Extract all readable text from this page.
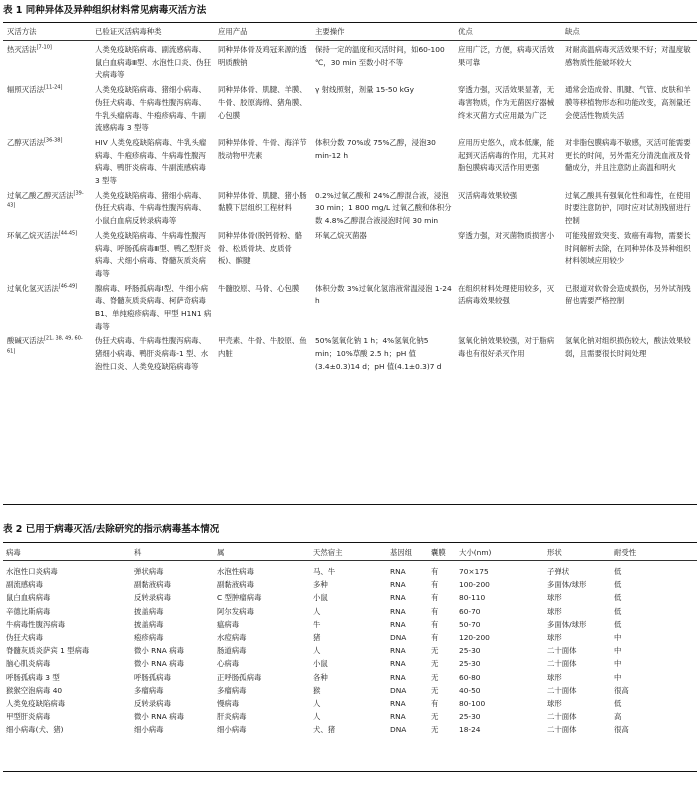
表 1 同种异体及异种组织材料常见病毒灭活方法
灭活方法	已验证灭活病毒种类	应用产品	主要操作	优点	缺点
热灭活法[7-10]	人类免疫缺陷病毒、副流感病毒、鼠白血病毒Ⅲ型、水泡性口炎、伪狂犬病毒等	同种异体骨及鸡冠来源的透明质酸钠	保持一定的温度和灭活时间，如60-100 ℃，30 min 至数小时不等	应用广泛，方便，病毒灭活效果可靠	对耐高温病毒灭活效果不好；对温度敏感物质性能破坏较大
辐照灭活法[11-24]	人类免疫缺陷病毒、猪细小病毒、伪狂犬病毒、牛病毒性腹泻病毒、牛乳头瘤病毒、牛疱疹病毒、牛副流感病毒 3 型等	同种异体骨、肌腱、羊膜、牛骨、胶原海绵、猪角膜、心包膜	γ 射线照射，剂量 15-50 kGy	穿透力强，灭活效果显著，无毒害物质，作为无菌医疗器械终末灭菌方式应用最为广泛	通常会造成骨、肌腱、气管、皮肤和羊膜等移植物形态和功能改变，高剂量还会使活性物质失活
乙醇灭活法[36-38]	HIV 人类免疫缺陷病毒、牛乳头瘤病毒、牛疱疹病毒、牛病毒性腹泻病毒、鸭肝炎病毒、牛副流感病毒 3 型等	同种异体骨、牛骨、海洋节肢动物甲壳素	体积分数 70%或 75%乙醇，浸泡30 min-12 h	应用历史悠久，成本低廉，能起到灭活病毒的作用，尤其对脂包膜病毒灭活作用更强	对非脂包膜病毒不敏感，灭活可能需要更长的时间，另外需充分清洗血液及骨髓成分，并且注意防止高温和明火
过氧乙酸乙醇灭活法[39-43]	人类免疫缺陷病毒、猪细小病毒、伪狂犬病毒、牛病毒性腹泻病毒、小鼠白血病反转录病毒等	同种异体骨、肌腱、猪小肠黏膜下层组织工程材料	0.2%过氧乙酸和 24%乙醇混合液，浸泡 30 min；1 800 mg/L 过氧乙酸和体积分数 4.8%乙醇混合液浸泡时间 30 min	灭活病毒效果较强	过氧乙酸具有强氧化性和毒性，在使用时要注意防护，同时应对试剂残留进行控制
环氧乙烷灭活法[44-45]	人类免疫缺陷病毒、牛病毒性腹泻病毒、呼肠孤病毒Ⅲ型、鸭乙型肝炎病毒、犬细小病毒、脊髓灰质炎病毒等	同种异体骨(脱钙骨粉、骼骨、松质骨块、皮质骨板)、髌腱	环氧乙烷灭菌器	穿透力强，对灭菌物质损害小	可能残留致突变、致癌有毒物，需要长时间解析去除，在同种异体及异种组织材料领域应用较少
过氧化氢灭活法[46-49]	腺病毒、呼肠孤病毒Ⅰ型、牛细小病毒、脊髓灰质炎病毒、柯萨奇病毒 B1、单纯疱疹病毒、甲型 H1N1 病毒等	牛髓胶原、马骨、心包膜	体积分数 3%过氧化氢溶液常温浸泡 1-24 h	在组织材料处理使用较多，灭活病毒效果较强	已报道对软骨会造成损伤，另外试剂残留也需要严格控制
酸碱灭活法[21, 38, 49, 60-61]	伪狂犬病毒、牛病毒性腹泻病毒、猪细小病毒、鸭肝炎病毒-1 型、水泡性口炎、人类免疫缺陷病毒等	甲壳素、牛骨、牛胶原、鱼内脏	50%氢氧化钠 1 h；4%氢氧化钠5 min；10%草酸 2.5 h；pH 值(3.4±0.3)14 d；pH 值(4.1±0.3)7 d	氢氧化钠效果较强，对于脂病毒也有很好杀灭作用	氢氧化钠对组织损伤较大，酸法效果较弱，且需要很长时间处理
表 2 已用于病毒灭活/去除研究的指示病毒基本情况
病毒	科	属	天然宿主	基因组	囊膜	大小(nm)	形状	耐受性
水泡性口炎病毒	弹状病毒	水泡性病毒	马、牛	RNA	有	70×175	子弹状	低
副流感病毒	副黏液病毒	副黏液病毒	多种	RNA	有	100-200	多面体/球形	低
鼠白血病病毒	反转录病毒	C 型肿瘤病毒	小鼠	RNA	有	80-110	球形	低
辛德比斯病毒	披盖病毒	阿尔发病毒	人	RNA	有	60-70	球形	低
牛病毒性腹泻病毒	披盖病毒	瘟病毒	牛	RNA	有	50-70	多面体/球形	低
伪狂犬病毒	疱疹病毒	水痘病毒	猪	DNA	有	120-200	球形	中
脊髓灰质炎萨宾 1 型病毒	微小 RNA 病毒	肠道病毒	人	RNA	无	25-30	二十面体	中
脑心肌炎病毒	微小 RNA 病毒	心病毒	小鼠	RNA	无	25-30	二十面体	中
呼肠孤病毒 3 型	呼肠孤病毒	正呼肠孤病毒	各种	RNA	无	60-80	球形	中
猴猴空泡病毒 40	多瘤病毒	多瘤病毒	猴	DNA	无	40-50	二十面体	很高
人类免疫缺陷病毒	反转录病毒	慢病毒	人	RNA	有	80-100	球形	低
甲型肝炎病毒	微小 RNA 病毒	肝炎病毒	人	RNA	无	25-30	二十面体	高
细小病毒(犬、猪)	细小病毒	细小病毒	犬、猪	DNA	无	18-24	二十面体	很高
